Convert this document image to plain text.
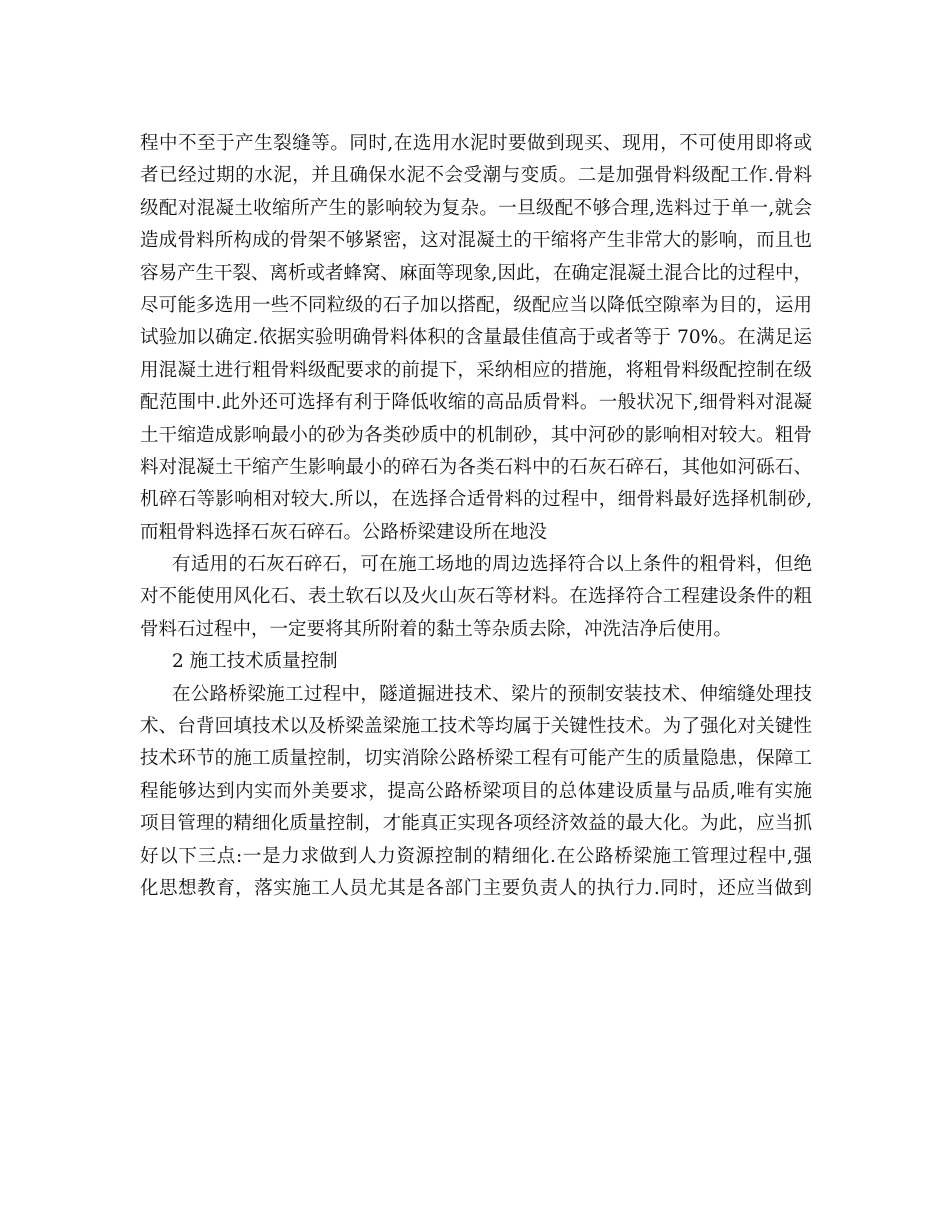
程中不至于产生裂缝等。同时,在选用水泥时要做到现买、现用，不可使用即将或
者已经过期的水泥，并且确保水泥不会受潮与变质。二是加强骨料级配工作.骨料
级配对混凝土收缩所产生的影响较为复杂。一旦级配不够合理,选料过于单一,就会
造成骨料所构成的骨架不够紧密，这对混凝土的干缩将产生非常大的影响，而且也
容易产生干裂、离析或者蜂窝、麻面等现象,因此，在确定混凝土混合比的过程中，
尽可能多选用一些不同粒级的石子加以搭配，级配应当以降低空隙率为目的，运用
试验加以确定.依据实验明确骨料体积的含量最佳值高于或者等于 70%。在满足运
用混凝土进行粗骨料级配要求的前提下，采纳相应的措施，将粗骨料级配控制在级
配范围中.此外还可选择有利于降低收缩的高品质骨料。一般状况下,细骨料对混凝
土干缩造成影响最小的砂为各类砂质中的机制砂，其中河砂的影响相对较大。粗骨
料对混凝土干缩产生影响最小的碎石为各类石料中的石灰石碎石，其他如河砾石、
机碎石等影响相对较大.所以，在选择合适骨料的过程中，细骨料最好选择机制砂,
而粗骨料选择石灰石碎石。公路桥梁建设所在地没
有适用的石灰石碎石，可在施工场地的周边选择符合以上条件的粗骨料，但绝
对不能使用风化石、表土软石以及火山灰石等材料。在选择符合工程建设条件的粗
骨料石过程中，一定要将其所附着的黏土等杂质去除，冲洗洁净后使用。
2 施工技术质量控制
在公路桥梁施工过程中，隧道掘进技术、梁片的预制安装技术、伸缩缝处理技
术、台背回填技术以及桥梁盖梁施工技术等均属于关键性技术。为了强化对关键性
技术环节的施工质量控制，切实消除公路桥梁工程有可能产生的质量隐患，保障工
程能够达到内实而外美要求，提高公路桥梁项目的总体建设质量与品质,唯有实施
项目管理的精细化质量控制，才能真正实现各项经济效益的最大化。为此，应当抓
好以下三点:一是力求做到人力资源控制的精细化.在公路桥梁施工管理过程中,强
化思想教育，落实施工人员尤其是各部门主要负责人的执行力.同时，还应当做到
